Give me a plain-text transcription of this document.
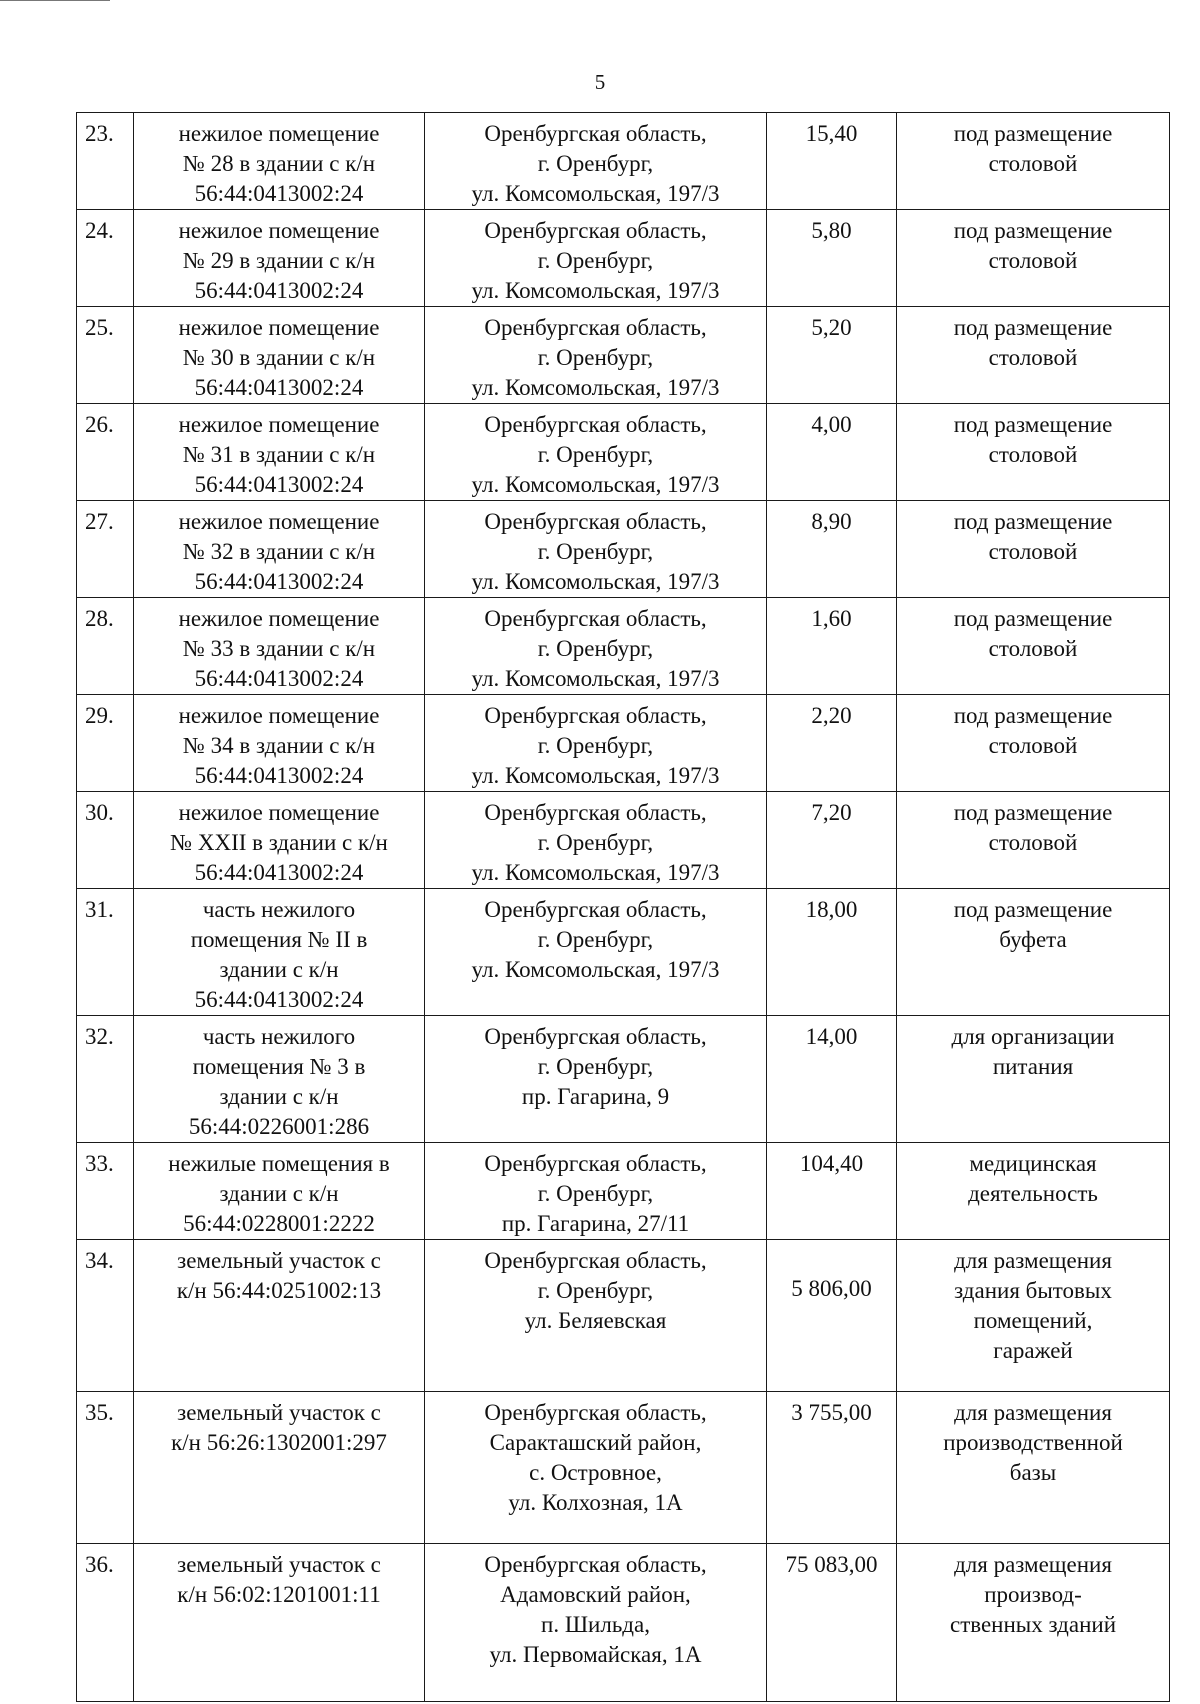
5
23.	нежилое помещение
№ 28 в здании с к/н
56:44:0413002:24	Оренбургская область,
г. Оренбург,
ул. Комсомольская, 197/3	15,40	под размещение
столовой
24.	нежилое помещение
№ 29 в здании с к/н
56:44:0413002:24	Оренбургская область,
г. Оренбург,
ул. Комсомольская, 197/3	5,80	под размещение
столовой
25.	нежилое помещение
№ 30 в здании с к/н
56:44:0413002:24	Оренбургская область,
г. Оренбург,
ул. Комсомольская, 197/3	5,20	под размещение
столовой
26.	нежилое помещение
№ 31 в здании с к/н
56:44:0413002:24	Оренбургская область,
г. Оренбург,
ул. Комсомольская, 197/3	4,00	под размещение
столовой
27.	нежилое помещение
№ 32 в здании с к/н
56:44:0413002:24	Оренбургская область,
г. Оренбург,
ул. Комсомольская, 197/3	8,90	под размещение
столовой
28.	нежилое помещение
№ 33 в здании с к/н
56:44:0413002:24	Оренбургская область,
г. Оренбург,
ул. Комсомольская, 197/3	1,60	под размещение
столовой
29.	нежилое помещение
№ 34 в здании с к/н
56:44:0413002:24	Оренбургская область,
г. Оренбург,
ул. Комсомольская, 197/3	2,20	под размещение
столовой
30.	нежилое помещение
№ XXII в здании с к/н
56:44:0413002:24	Оренбургская область,
г. Оренбург,
ул. Комсомольская, 197/3	7,20	под размещение
столовой
31.	часть нежилого
помещения № II в
здании с к/н
56:44:0413002:24	Оренбургская область,
г. Оренбург,
ул. Комсомольская, 197/3	18,00	под размещение
буфета
32.	часть нежилого
помещения № 3 в
здании с к/н
56:44:0226001:286	Оренбургская область,
г. Оренбург,
пр. Гагарина, 9	14,00	для организации
питания
33.	нежилые помещения в
здании с к/н
56:44:0228001:2222	Оренбургская область,
г. Оренбург,
пр. Гагарина, 27/11	104,40	медицинская
деятельность
34.	земельный участок с
к/н 56:44:0251002:13	Оренбургская область,
г. Оренбург,
ул. Беляевская	5 806,00	для размещения
здания бытовых
помещений,
гаражей
35.	земельный участок с
к/н 56:26:1302001:297	Оренбургская область,
Саракташский район,
с. Островное,
ул. Колхозная, 1А	3 755,00	для размещения
производственной
базы
36.	земельный участок с
к/н 56:02:1201001:11	Оренбургская область,
Адамовский район,
п. Шильда,
ул. Первомайская, 1А	75 083,00	для размещения
производ-
ственных зданий
